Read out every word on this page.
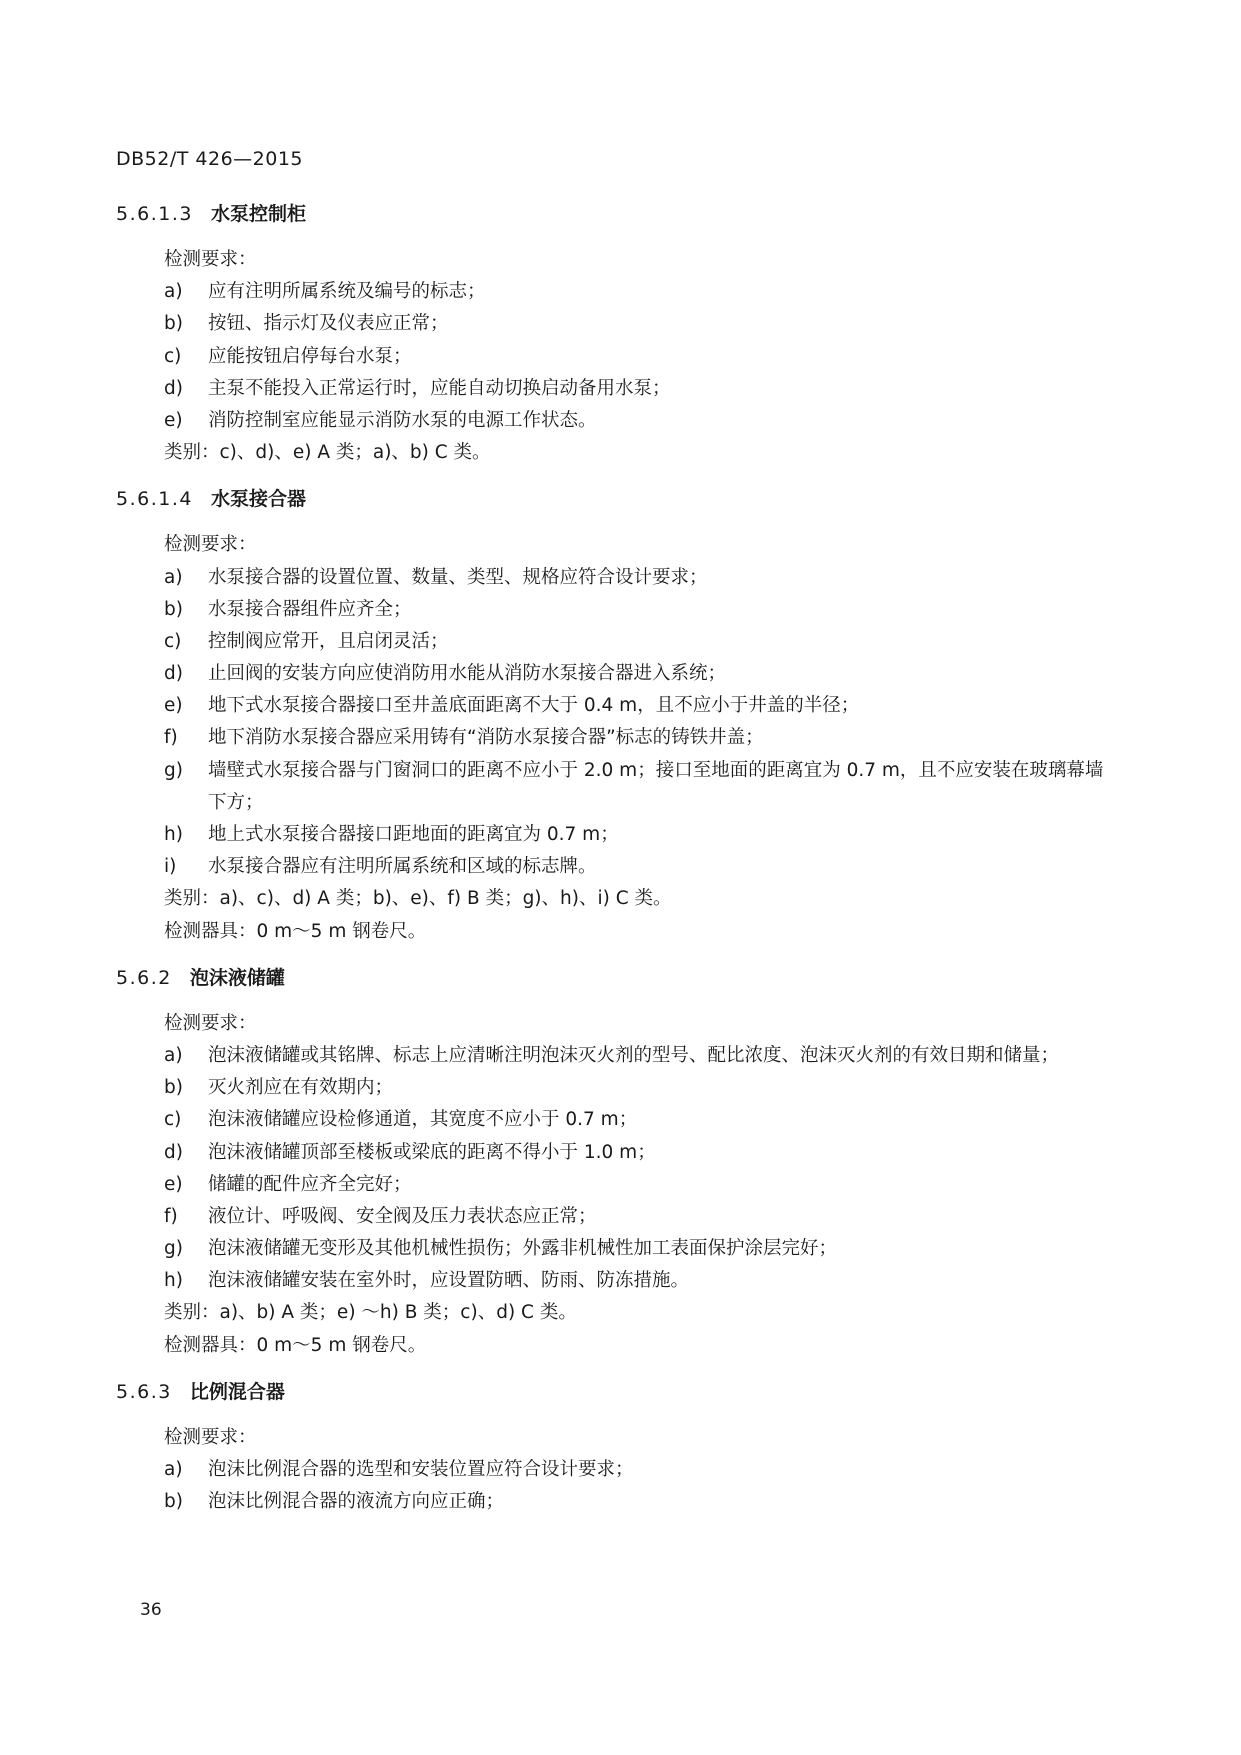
DB52/T 426—2015
5.6.1.3 水泵控制柜
检测要求：
a)	应有注明所属系统及编号的标志；
b)	按钮、指示灯及仪表应正常；
c)	应能按钮启停每台水泵；
d)	主泵不能投入正常运行时，应能自动切换启动备用水泵；
e)	消防控制室应能显示消防水泵的电源工作状态。
类别：c)、d)、e) A 类；a)、b) C 类。
5.6.1.4 水泵接合器
检测要求：
a)	水泵接合器的设置位置、数量、类型、规格应符合设计要求；
b)	水泵接合器组件应齐全；
c)	控制阀应常开，且启闭灵活；
d)	止回阀的安装方向应使消防用水能从消防水泵接合器进入系统；
e)	地下式水泵接合器接口至井盖底面距离不大于 0.4 m，且不应小于井盖的半径；
f)	地下消防水泵接合器应采用铸有“消防水泵接合器”标志的铸铁井盖；
g)	墙壁式水泵接合器与门窗洞口的距离不应小于 2.0 m；接口至地面的距离宜为 0.7 m，且不应安装在玻璃幕墙下方；
h)	地上式水泵接合器接口距地面的距离宜为 0.7 m；
i)	水泵接合器应有注明所属系统和区域的标志牌。
类别：a)、c)、d) A 类；b)、e)、f) B 类；g)、h)、i) C 类。
检测器具：0 m～5 m 钢卷尺。
5.6.2 泡沫液储罐
检测要求：
a)	泡沫液储罐或其铭牌、标志上应清晰注明泡沫灭火剂的型号、配比浓度、泡沫灭火剂的有效日期和储量；
b)	灭火剂应在有效期内；
c)	泡沫液储罐应设检修通道，其宽度不应小于 0.7 m；
d)	泡沫液储罐顶部至楼板或梁底的距离不得小于 1.0 m；
e)	储罐的配件应齐全完好；
f)	液位计、呼吸阀、安全阀及压力表状态应正常；
g)	泡沫液储罐无变形及其他机械性损伤；外露非机械性加工表面保护涂层完好；
h)	泡沫液储罐安装在室外时，应设置防晒、防雨、防冻措施。
类别：a)、b) A 类；e) ～h) B 类；c)、d) C 类。
检测器具：0 m～5 m 钢卷尺。
5.6.3 比例混合器
检测要求：
a)	泡沫比例混合器的选型和安装位置应符合设计要求；
b)	泡沫比例混合器的液流方向应正确；
36
